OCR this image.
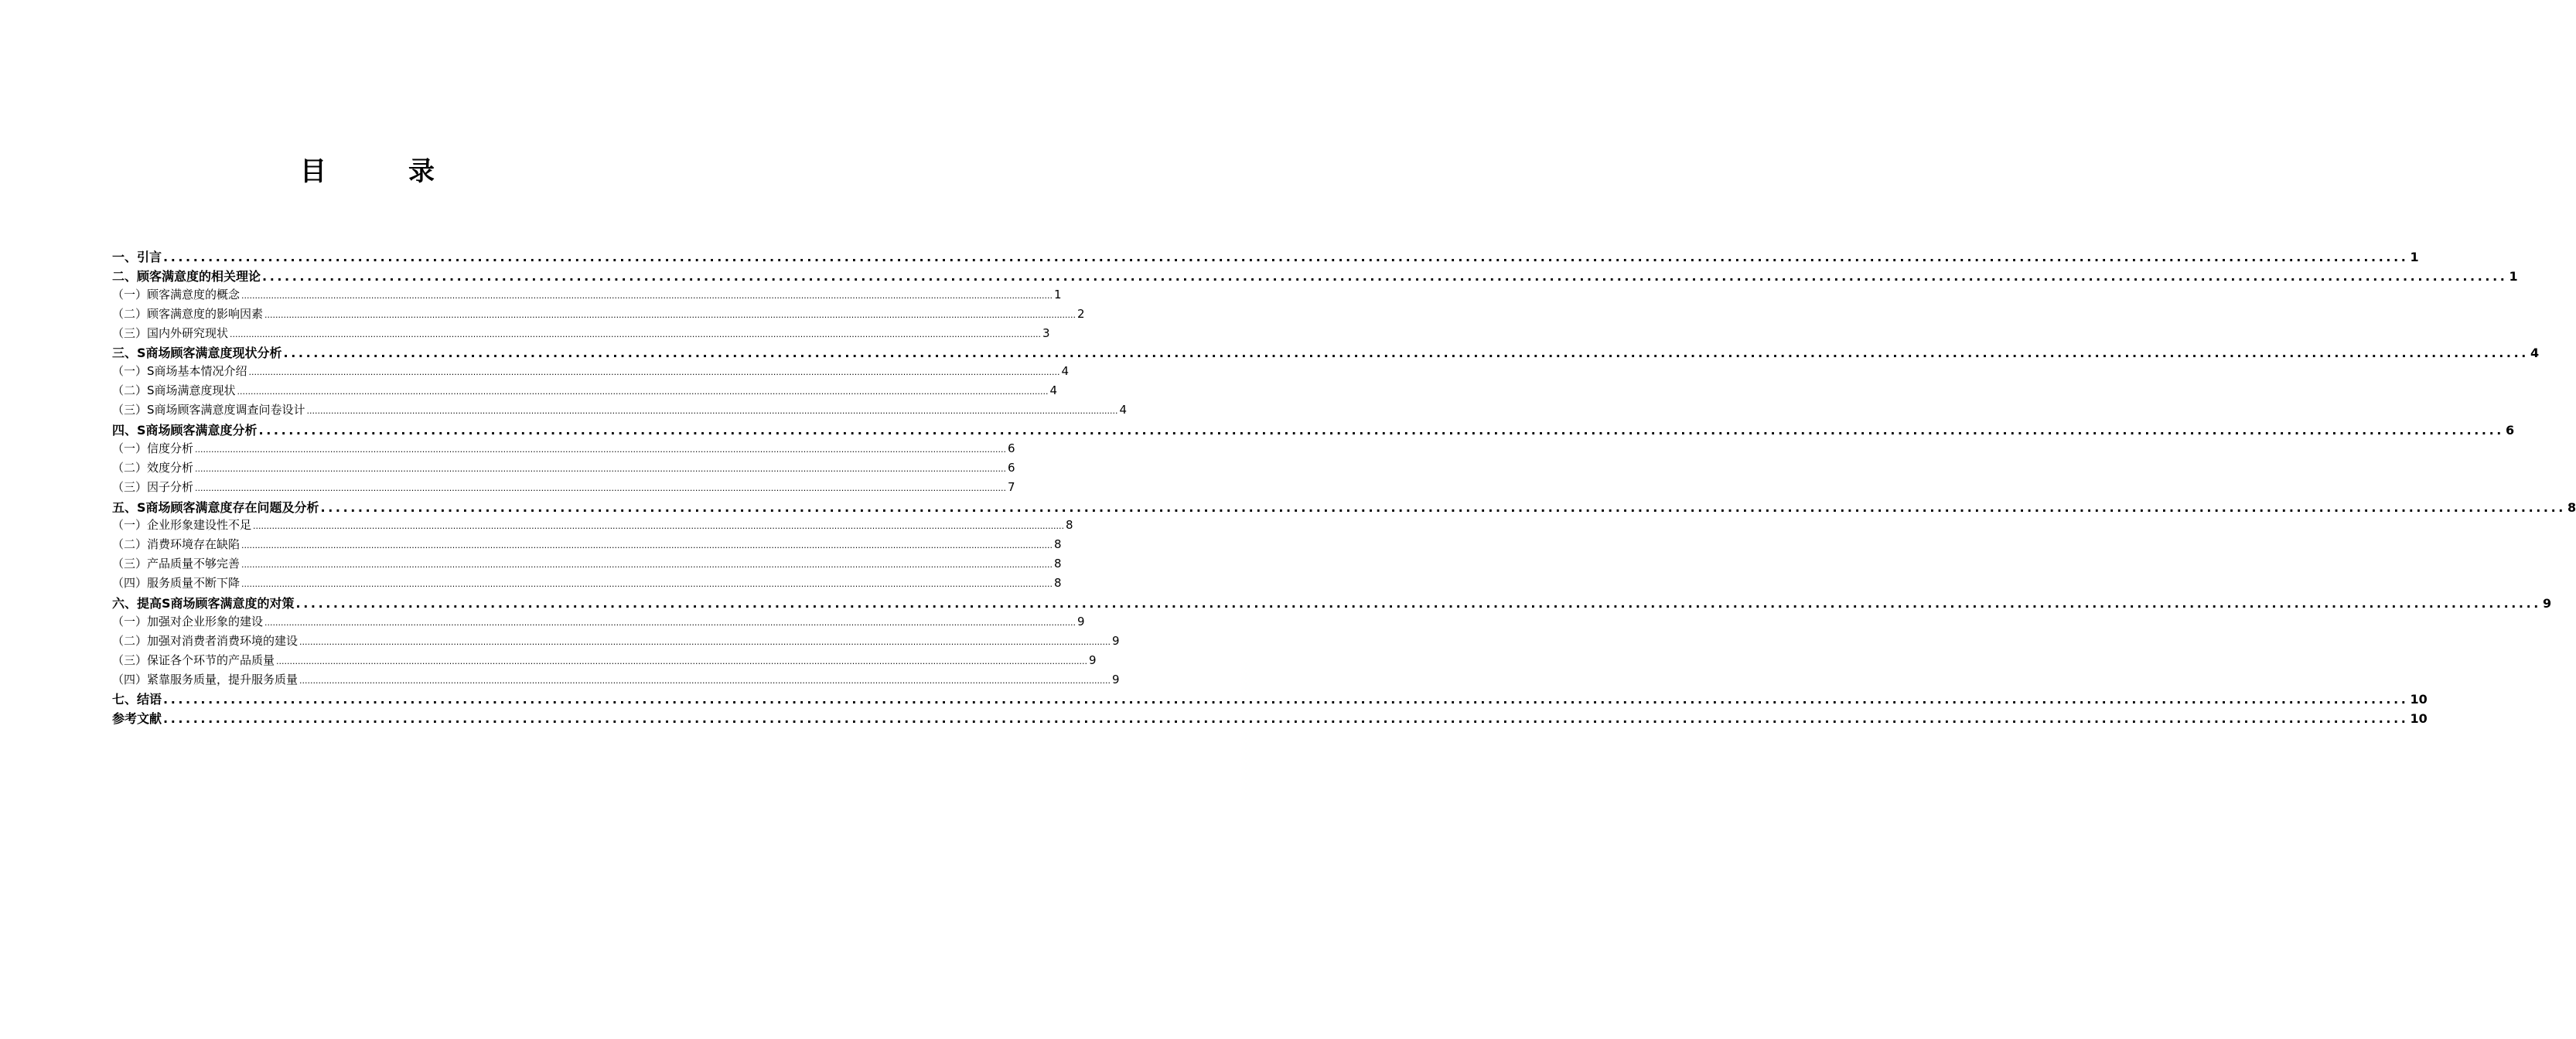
目　录
一、引言 ............................................................................................................................................................................................................................................................................................................ 1
二、顾客满意度的相关理论 ............................................................................................................................................................................................................................................................................................................ 1
（一）顾客满意度的概念 ............................................................................................................................................................................................................................................................................................................ 1
（二）顾客满意度的影响因素 ............................................................................................................................................................................................................................................................................................................ 2
（三）国内外研究现状 ............................................................................................................................................................................................................................................................................................................ 3
三、S商场顾客满意度现状分析 ............................................................................................................................................................................................................................................................................................................ 4
（一）S商场基本情况介绍 ............................................................................................................................................................................................................................................................................................................ 4
（二）S商场满意度现状 ............................................................................................................................................................................................................................................................................................................ 4
（三）S商场顾客满意度调查问卷设计 ............................................................................................................................................................................................................................................................................................................ 4
四、S商场顾客满意度分析 ............................................................................................................................................................................................................................................................................................................ 6
（一）信度分析 ............................................................................................................................................................................................................................................................................................................ 6
（二）效度分析 ............................................................................................................................................................................................................................................................................................................ 6
（三）因子分析 ............................................................................................................................................................................................................................................................................................................ 7
五、S商场顾客满意度存在问题及分析 ............................................................................................................................................................................................................................................................................................................ 8
（一）企业形象建设性不足 ............................................................................................................................................................................................................................................................................................................ 8
（二）消费环境存在缺陷 ............................................................................................................................................................................................................................................................................................................ 8
（三）产品质量不够完善 ............................................................................................................................................................................................................................................................................................................ 8
（四）服务质量不断下降 ............................................................................................................................................................................................................................................................................................................ 8
六、提高S商场顾客满意度的对策 ............................................................................................................................................................................................................................................................................................................ 9
（一）加强对企业形象的建设 ............................................................................................................................................................................................................................................................................................................ 9
（二）加强对消费者消费环境的建设 ............................................................................................................................................................................................................................................................................................................ 9
（三）保证各个环节的产品质量 ............................................................................................................................................................................................................................................................................................................ 9
（四）紧靠服务质量，提升服务质量 ............................................................................................................................................................................................................................................................................................................ 9
七、结语 ............................................................................................................................................................................................................................................................................................................ 10
参考文献 ............................................................................................................................................................................................................................................................................................................ 10
